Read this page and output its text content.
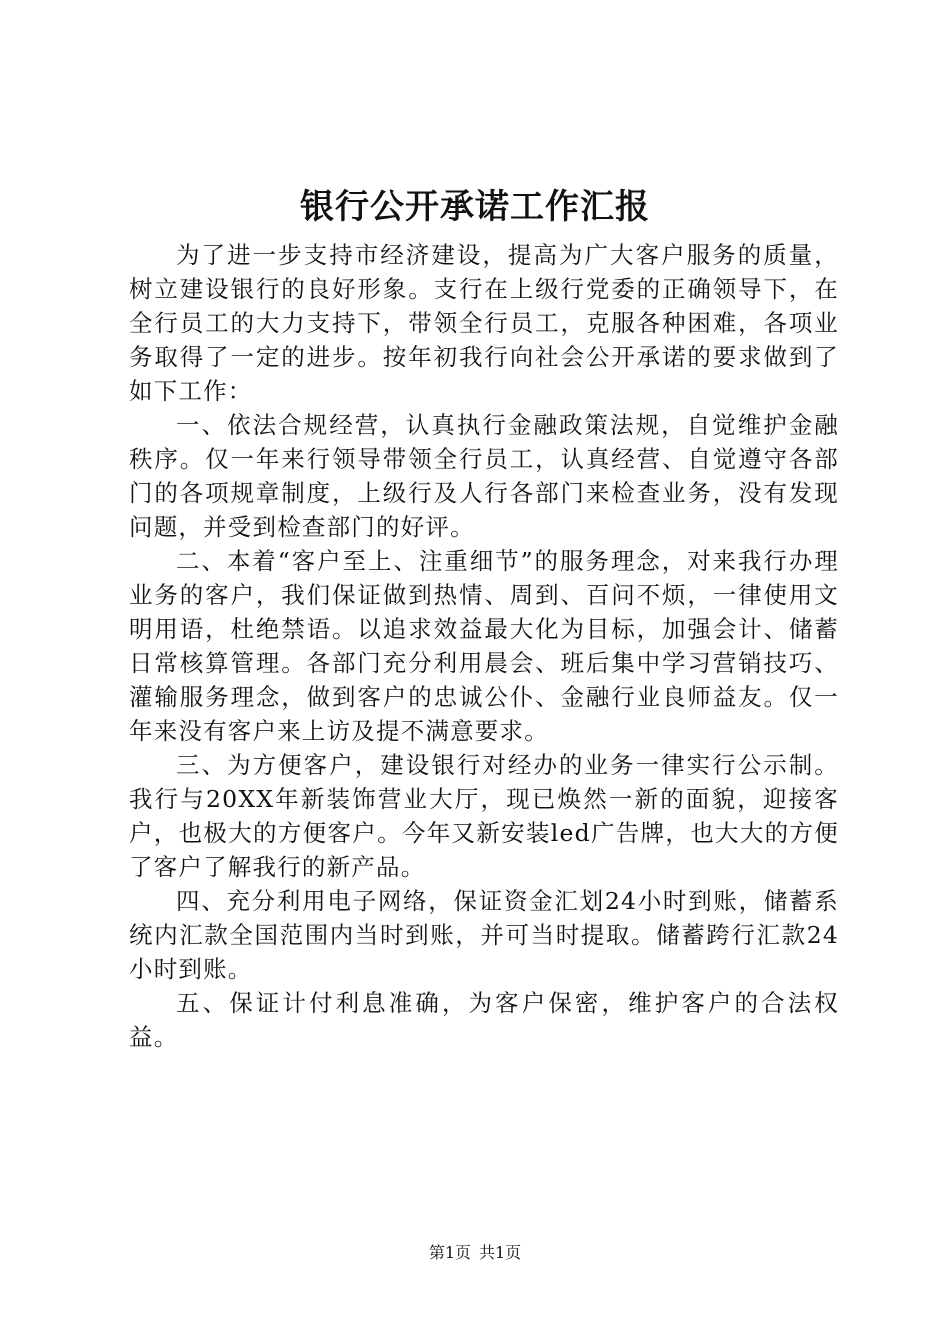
银行公开承诺工作汇报

为了进一步支持市经济建设，提高为广大客户服务的质量，树立建设银行的良好形象。支行在上级行党委的正确领导下，在全行员工的大力支持下，带领全行员工，克服各种困难，各项业务取得了一定的进步。按年初我行向社会公开承诺的要求做到了如下工作：

一、依法合规经营，认真执行金融政策法规，自觉维护金融秩序。仅一年来行领导带领全行员工，认真经营、自觉遵守各部门的各项规章制度，上级行及人行各部门来检查业务，没有发现问题，并受到检查部门的好评。

二、本着“客户至上、注重细节”的服务理念，对来我行办理业务的客户，我们保证做到热情、周到、百问不烦，一律使用文明用语，杜绝禁语。以追求效益最大化为目标，加强会计、储蓄日常核算管理。各部门充分利用晨会、班后集中学习营销技巧、灌输服务理念，做到客户的忠诚公仆、金融行业良师益友。仅一年来没有客户来上访及提不满意要求。

三、为方便客户，建设银行对经办的业务一律实行公示制。我行与20XX年新装饰营业大厅，现已焕然一新的面貌，迎接客户，也极大的方便客户。今年又新安装led广告牌，也大大的方便了客户了解我行的新产品。

四、充分利用电子网络，保证资金汇划24小时到账，储蓄系统内汇款全国范围内当时到账，并可当时提取。储蓄跨行汇款24小时到账。

五、保证计付利息准确，为客户保密，维护客户的合法权益。

第1页 共1页
